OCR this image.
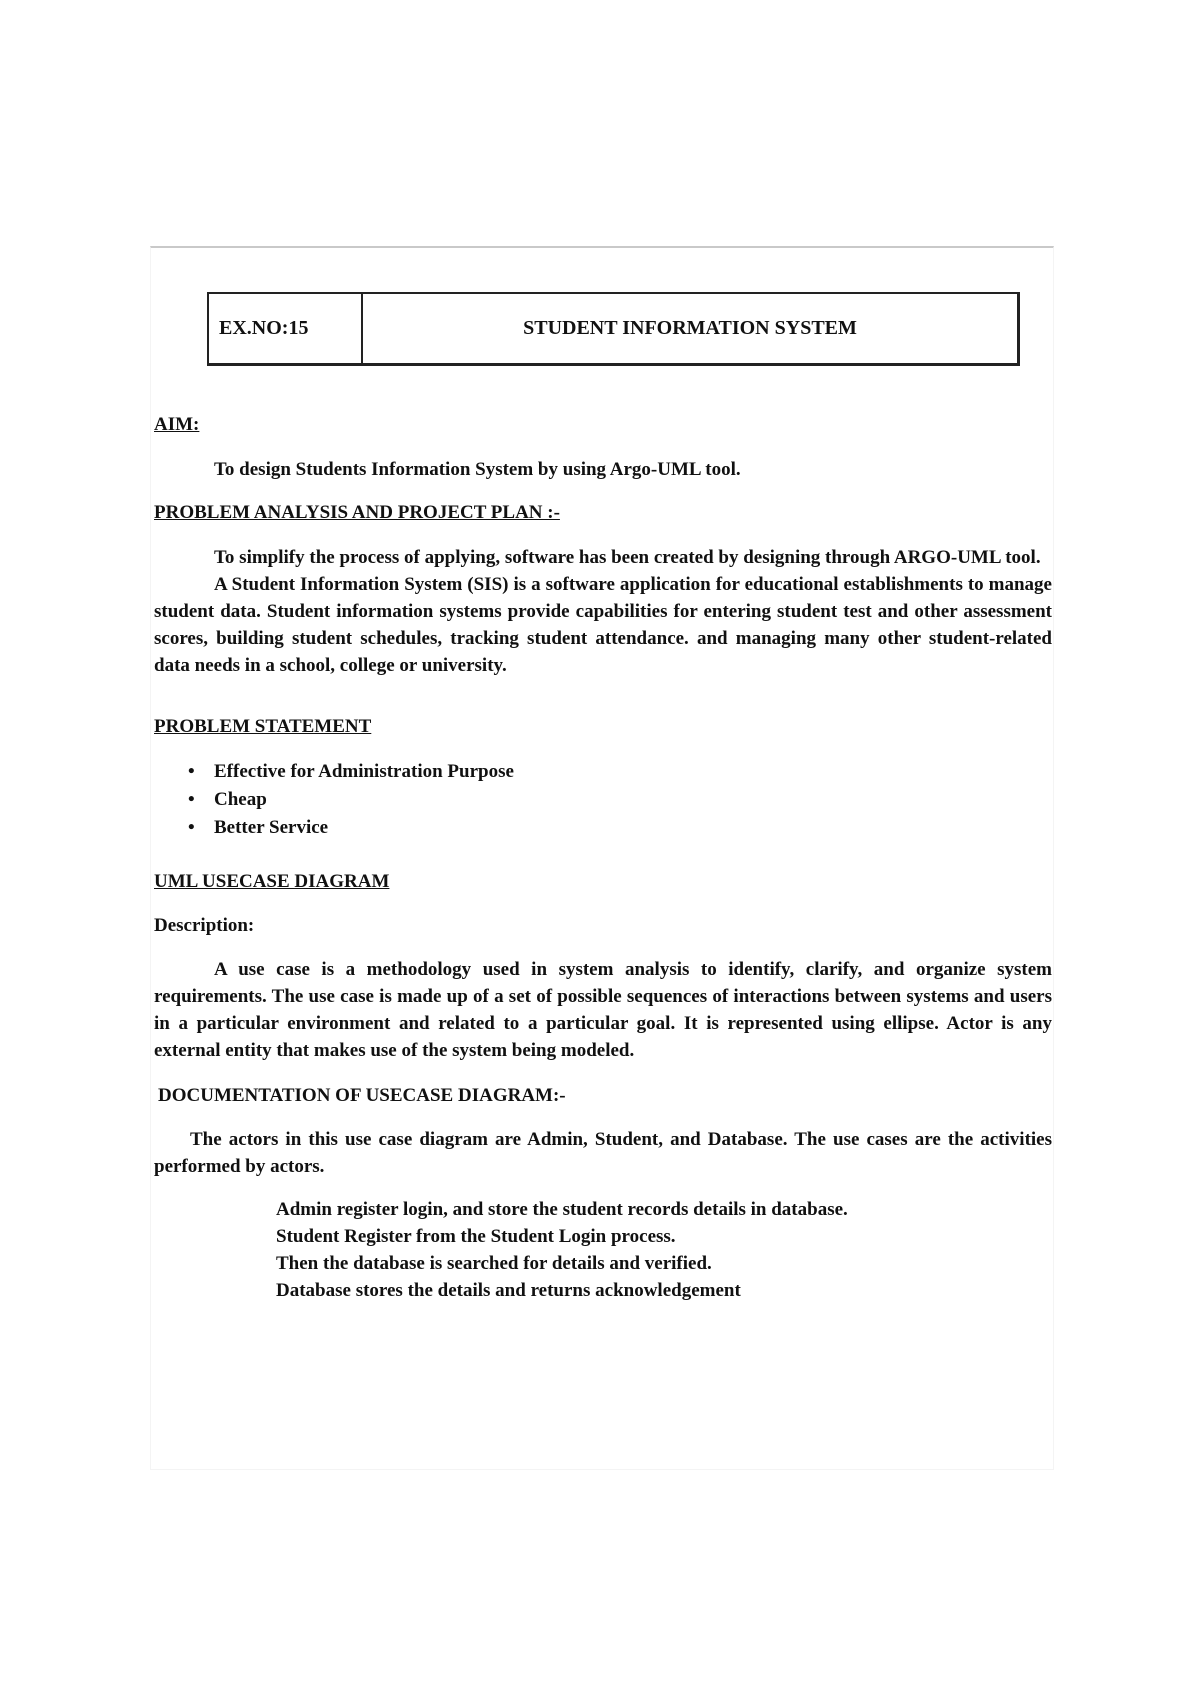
EX.NO:15	STUDENT INFORMATION SYSTEM
AIM:

To design Students Information System by using Argo-UML tool.

PROBLEM ANALYSIS AND PROJECT PLAN :-

To simplify the process of applying, software has been created by designing through ARGO-UML tool.

A Student Information System (SIS) is a software application for educational establishments to manage student data. Student information systems provide capabilities for entering student test and other assessment scores, building student schedules, tracking student attendance. and managing many other student-related data needs in a school, college or university.

PROBLEM STATEMENT
• Effective for Administration Purpose
• Cheap
• Better Service
UML USECASE DIAGRAM
Description:

A use case is a methodology used in system analysis to identify, clarify, and organize system requirements. The use case is made up of a set of possible sequences of interactions between systems and users in a particular environment and related to a particular goal. It is represented using ellipse. Actor is any external entity that makes use of the system being modeled.

DOCUMENTATION OF USECASE DIAGRAM:-

The actors in this use case diagram are Admin, Student, and Database. The use cases are the activities performed by actors.

Admin register login, and store the student records details in database.

Student Register from the Student Login process.

Then the database is searched for details and verified.

Database stores the details and returns acknowledgement
